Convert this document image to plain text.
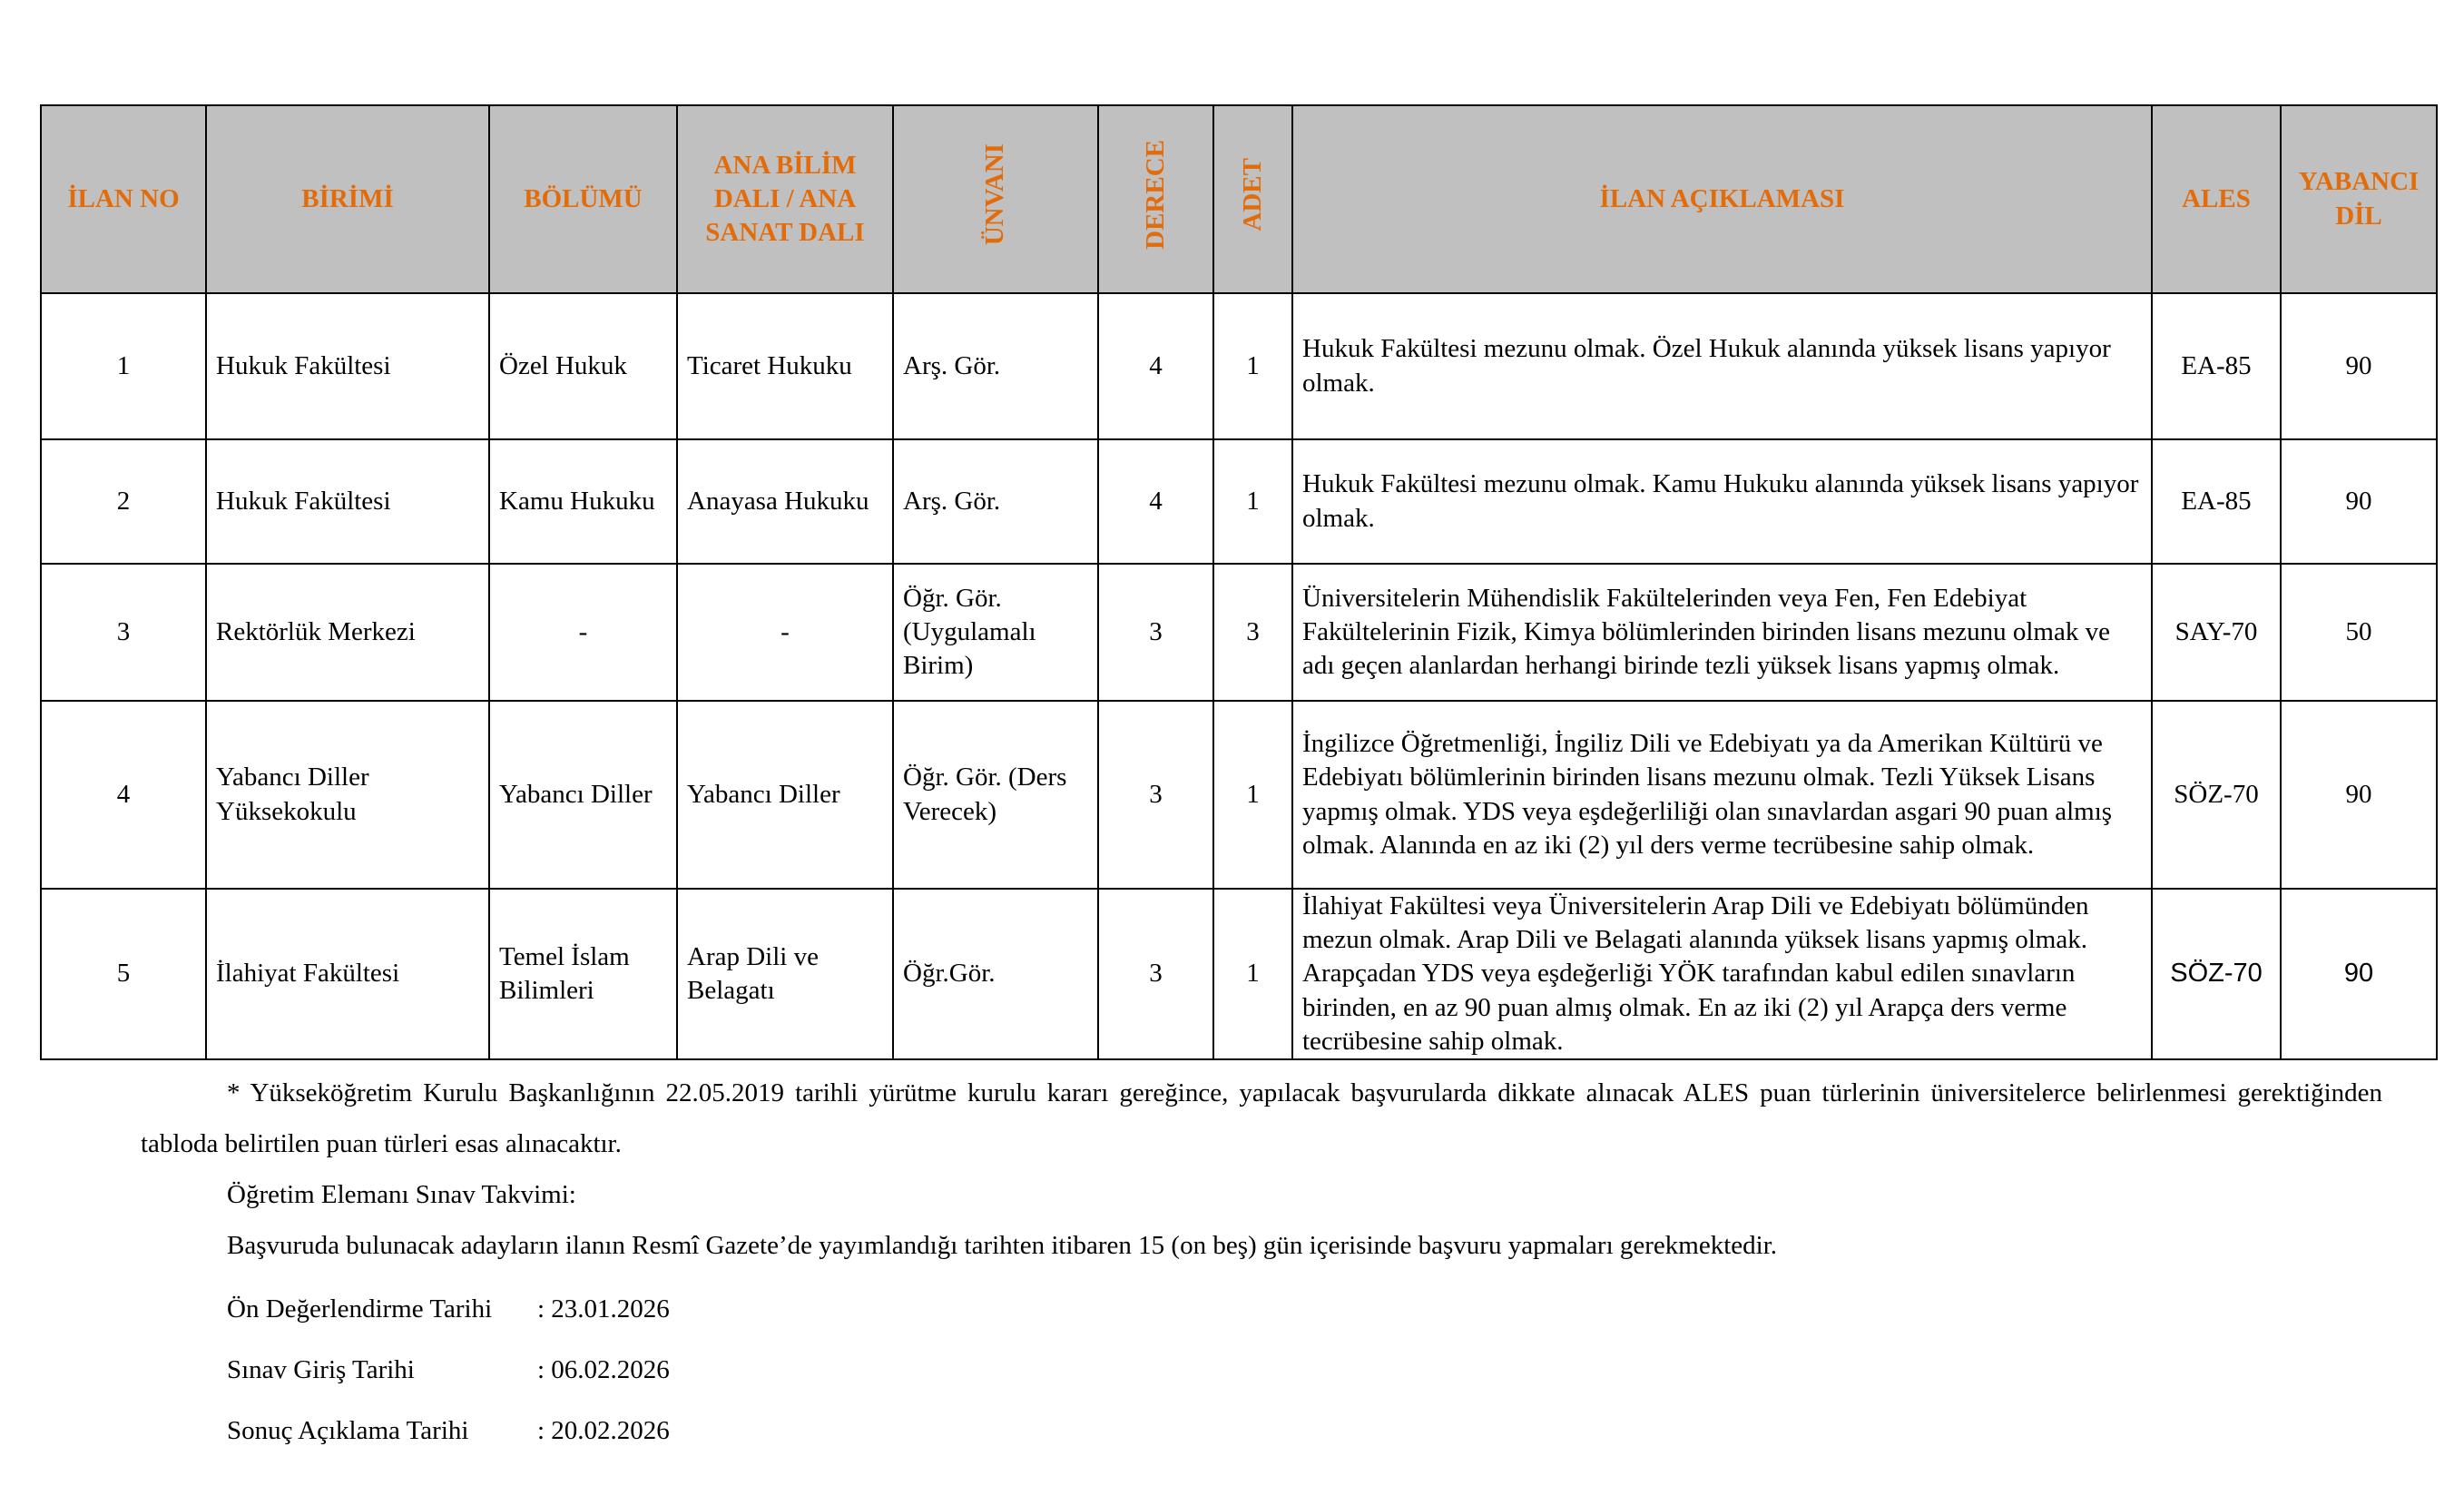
İLAN NO	BİRİMİ	BÖLÜMÜ	ANA BİLİM DALI / ANA SANAT DALI	ÜNVANI	DERECE	ADET	İLAN AÇIKLAMASI	ALES	YABANCI DİL
1	Hukuk Fakültesi	Özel Hukuk	Ticaret Hukuku	Arş. Gör.	4	1	Hukuk Fakültesi mezunu olmak. Özel Hukuk alanında yüksek lisans yapıyor olmak.	EA-85	90
2	Hukuk Fakültesi	Kamu Hukuku	Anayasa Hukuku	Arş. Gör.	4	1	Hukuk Fakültesi mezunu olmak. Kamu Hukuku alanında yüksek lisans yapıyor olmak.	EA-85	90
3	Rektörlük Merkezi	-	-	Öğr. Gör. (Uygulamalı Birim)	3	3	Üniversitelerin Mühendislik Fakültelerinden veya Fen, Fen Edebiyat Fakültelerinin Fizik, Kimya bölümlerinden birinden lisans mezunu olmak ve adı geçen alanlardan herhangi birinde tezli yüksek lisans yapmış olmak.	SAY-70	50
4	Yabancı Diller Yüksekokulu	Yabancı Diller	Yabancı Diller	Öğr. Gör. (Ders Verecek)	3	1	İngilizce Öğretmenliği, İngiliz Dili ve Edebiyatı ya da Amerikan Kültürü ve Edebiyatı bölümlerinin birinden lisans mezunu olmak. Tezli Yüksek Lisans yapmış olmak. YDS veya eşdeğerliliği olan sınavlardan asgari 90 puan almış olmak. Alanında en az iki (2) yıl ders verme tecrübesine sahip olmak.	SÖZ-70	90
5	İlahiyat Fakültesi	Temel İslam Bilimleri	Arap Dili ve Belagatı	Öğr.Gör.	3	1	İlahiyat Fakültesi veya Üniversitelerin Arap Dili ve Edebiyatı bölümünden mezun olmak. Arap Dili ve Belagati alanında yüksek lisans yapmış olmak. Arapçadan YDS veya eşdeğerliği YÖK tarafından kabul edilen sınavların birinden, en az 90 puan almış olmak. En az iki (2) yıl Arapça ders verme tecrübesine sahip olmak.	SÖZ-70	90

* Yükseköğretim Kurulu Başkanlığının 22.05.2019 tarihli yürütme kurulu kararı gereğince, yapılacak başvurularda dikkate alınacak ALES puan türlerinin üniversitelerce belirlenmesi gerektiğinden tabloda belirtilen puan türleri esas alınacaktır.

Öğretim Elemanı Sınav Takvimi:

Başvuruda bulunacak adayların ilanın Resmî Gazete’de yayımlandığı tarihten itibaren 15 (on beş) gün içerisinde başvuru yapmaları gerekmektedir.

Ön Değerlendirme Tarihi	: 23.01.2026
Sınav Giriş Tarihi	: 06.02.2026
Sonuç Açıklama Tarihi	: 20.02.2026
